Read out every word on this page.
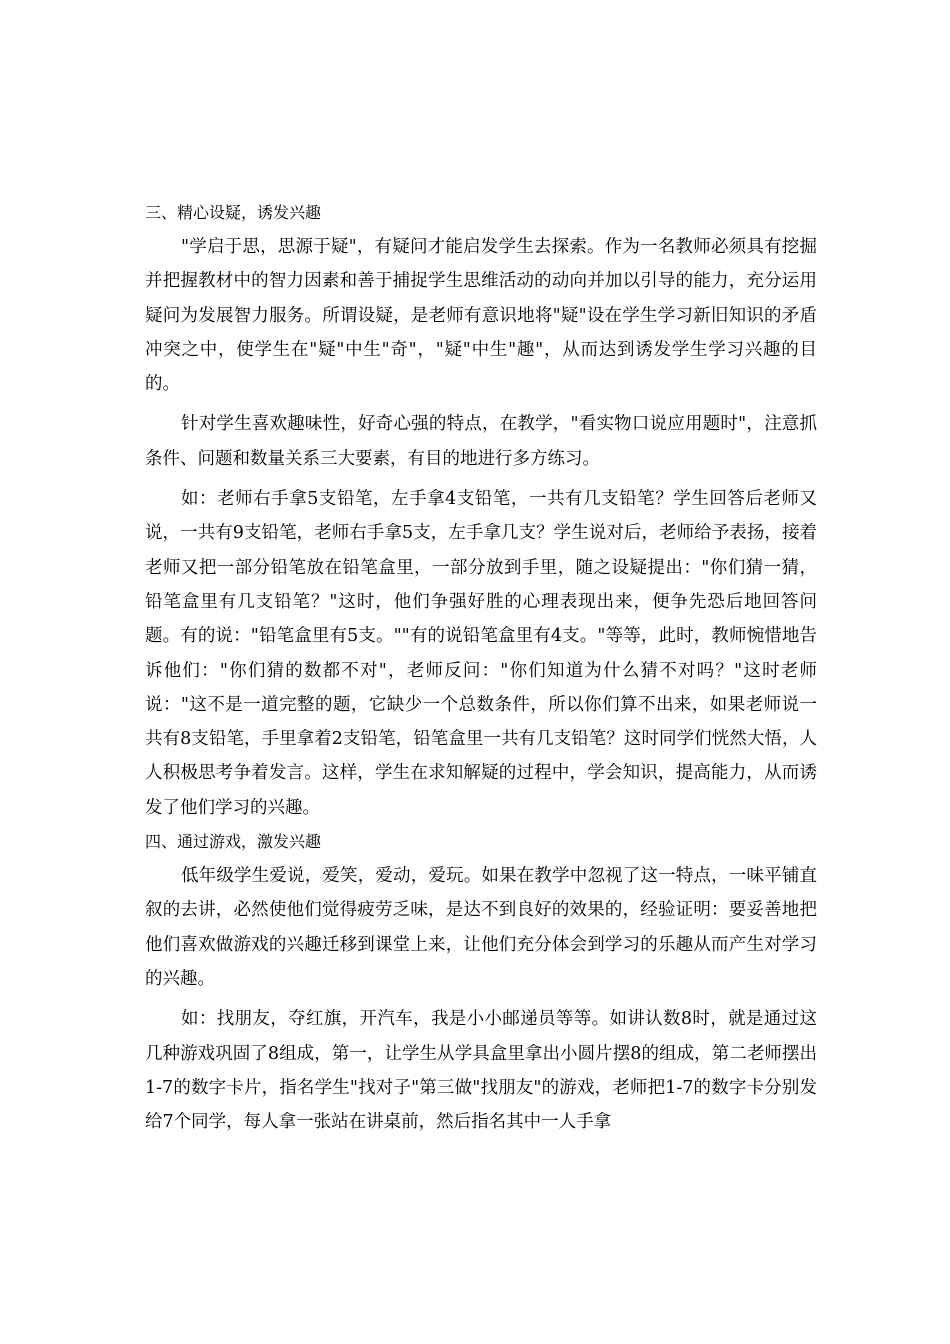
三、精心设疑，诱发兴趣

"学启于思，思源于疑"，有疑问才能启发学生去探索。作为一名教师必须具有挖掘并把握教材中的智力因素和善于捕捉学生思维活动的动向并加以引导的能力，充分运用疑问为发展智力服务。所谓设疑，是老师有意识地将"疑"设在学生学习新旧知识的矛盾冲突之中，使学生在"疑"中生"奇"，"疑"中生"趣"，从而达到诱发学生学习兴趣的目的。

针对学生喜欢趣味性，好奇心强的特点，在教学，"看实物口说应用题时"，注意抓条件、问题和数量关系三大要素，有目的地进行多方练习。

如：老师右手拿5支铅笔，左手拿4支铅笔，一共有几支铅笔？学生回答后老师又说，一共有9支铅笔，老师右手拿5支，左手拿几支？学生说对后，老师给予表扬，接着老师又把一部分铅笔放在铅笔盒里，一部分放到手里，随之设疑提出："你们猜一猜，铅笔盒里有几支铅笔？"这时，他们争强好胜的心理表现出来，便争先恐后地回答问题。有的说："铅笔盒里有5支。""有的说铅笔盒里有4支。"等等，此时，教师惋惜地告诉他们："你们猜的数都不对"，老师反问："你们知道为什么猜不对吗？"这时老师说："这不是一道完整的题，它缺少一个总数条件，所以你们算不出来，如果老师说一共有8支铅笔，手里拿着2支铅笔，铅笔盒里一共有几支铅笔？这时同学们恍然大悟，人人积极思考争着发言。这样，学生在求知解疑的过程中，学会知识，提高能力，从而诱发了他们学习的兴趣。

四、通过游戏，激发兴趣

低年级学生爱说，爱笑，爱动，爱玩。如果在教学中忽视了这一特点，一味平铺直叙的去讲，必然使他们觉得疲劳乏味，是达不到良好的效果的，经验证明：要妥善地把他们喜欢做游戏的兴趣迁移到课堂上来，让他们充分体会到学习的乐趣从而产生对学习的兴趣。

如：找朋友，夺红旗，开汽车，我是小小邮递员等等。如讲认数8时，就是通过这几种游戏巩固了8组成，第一，让学生从学具盒里拿出小圆片摆8的组成，第二老师摆出1-7的数字卡片，指名学生"找对子"第三做"找朋友"的游戏，老师把1-7的数字卡分别发给7个同学，每人拿一张站在讲桌前，然后指名其中一人手拿
